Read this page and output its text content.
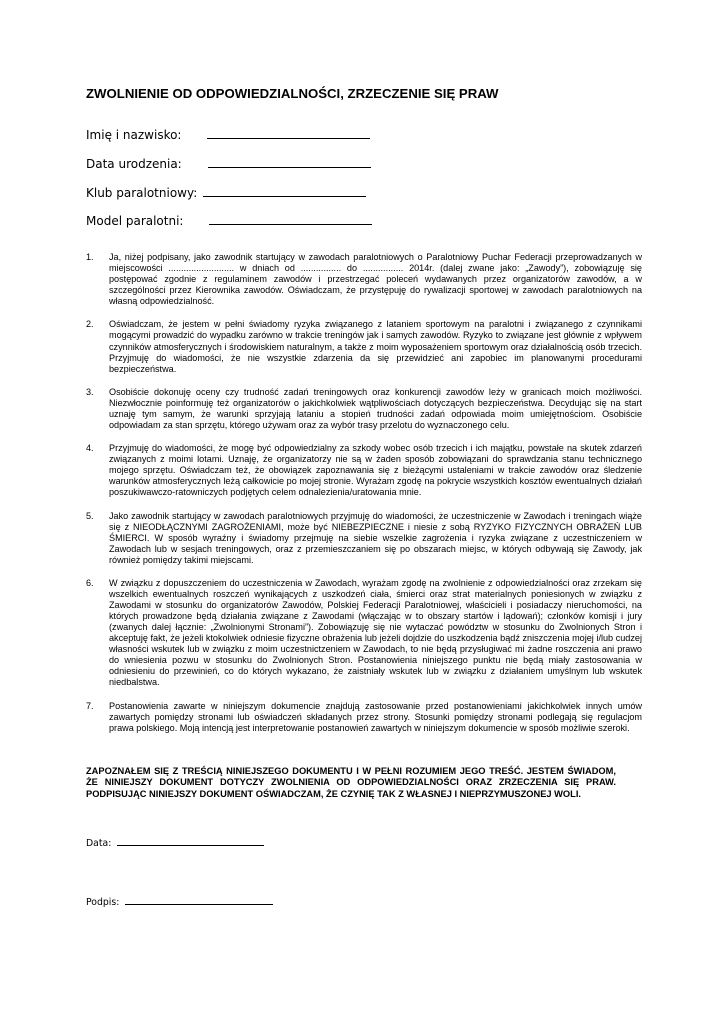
ZWOLNIENIE OD ODPOWIEDZIALNOŚCI, ZRZECZENIE SIĘ PRAW
Imię i nazwisko:
Data urodzenia:
Klub paralotniowy:
Model paralotni:
1.	Ja, niżej podpisany, jako zawodnik startujący w zawodach paralotniowych o Paralotniowy Puchar Federacji przeprowadzanych w miejscowości .......................... w dniach od ................ do ................ 2014r. (dalej zwane jako: „Zawody”), zobowiązuję się postępować zgodnie z regulaminem zawodów i przestrzegać poleceń wydawanych przez organizatorów zawodów, a w szczególności przez Kierownika zawodów. Oświadczam, że przystępuję do rywalizacji sportowej w zawodach paralotniowych na własną odpowiedzialność.
2.	Oświadczam, że jestem w pełni świadomy ryzyka związanego z lataniem sportowym na paralotni i związanego z czynnikami mogącymi prowadzić do wypadku zarówno w trakcie treningów jak i samych zawodów. Ryzyko to związane jest głównie z wpływem czynników atmosferycznych i środowiskiem naturalnym, a także z moim wyposażeniem sportowym oraz działalnością osób trzecich. Przyjmuję do wiadomości, że nie wszystkie zdarzenia da się przewidzieć ani zapobiec im planowanymi procedurami bezpieczeństwa.
3.	Osobiście dokonuję oceny czy trudność zadań treningowych oraz konkurencji zawodów leży w granicach moich możliwości. Niezwłocznie poinformuję też organizatorów o jakichkolwiek wątpliwościach dotyczących bezpieczeństwa. Decydując się na start uznaję tym samym, że warunki sprzyjają lataniu a stopień trudności zadań odpowiada moim umiejętnościom. Osobiście odpowiadam za stan sprzętu, którego używam oraz za wybór trasy przelotu do wyznaczonego celu.
4.	Przyjmuję do wiadomości, że mogę być odpowiedzialny za szkody wobec osób trzecich i ich majątku, powstałe na skutek zdarzeń związanych z moimi lotami. Uznaję, że organizatorzy nie są w żaden sposób zobowiązani do sprawdzania stanu technicznego mojego sprzętu. Oświadczam też, że obowiązek zapoznawania się z bieżącymi ustaleniami w trakcie zawodów oraz śledzenie warunków atmosferycznych leżą całkowicie po mojej stronie. Wyrażam zgodę na pokrycie wszystkich kosztów ewentualnych działań poszukiwawczo-ratowniczych podjętych celem odnalezienia/uratowania mnie.
5.	Jako zawodnik startujący w zawodach paralotniowych przyjmuję do wiadomości, że uczestniczenie w Zawodach i treningach wiąże się z NIEODŁĄCZNYMI ZAGROŻENIAMI, może być NIEBEZPIECZNE i niesie z sobą RYZYKO FIZYCZNYCH OBRAŻEŃ LUB ŚMIERCI. W sposób wyraźny i świadomy przejmuję na siebie wszelkie zagrożenia i ryzyka związane z uczestniczeniem w Zawodach lub w sesjach treningowych, oraz z przemieszczaniem się po obszarach miejsc, w których odbywają się Zawody, jak również pomiędzy takimi miejscami.
6.	W związku z dopuszczeniem do uczestniczenia w Zawodach, wyrażam zgodę na zwolnienie z odpowiedzialności oraz zrzekam się wszelkich ewentualnych roszczeń wynikających z uszkodzeń ciała, śmierci oraz strat materialnych poniesionych w związku z Zawodami w stosunku do organizatorów Zawodów, Polskiej Federacji Paralotniowej, właścicieli i posiadaczy nieruchomości, na których prowadzone będą działania związane z Zawodami (włączając w to obszary startów i lądowań); członków komisji i jury (zwanych dalej łącznie: „Zwolnionymi Stronami”). Zobowiązuję się nie wytaczać powództw w stosunku do Zwolnionych Stron i akceptuję fakt, że jeżeli ktokolwiek odniesie fizyczne obrażenia lub jeżeli dojdzie do uszkodzenia bądź zniszczenia mojej i/lub cudzej własności wskutek lub w związku z moim uczestnictzeniem w Zawodach, to nie będą przysługiwać mi żadne roszczenia ani prawo do wniesienia pozwu w stosunku do Zwolnionych Stron. Postanowienia niniejszego punktu nie będą miały zastosowania w odniesieniu do przewinień, co do których wykazano, że zaistniały wskutek lub w związku z działaniem umyślnym lub wskutek niedbalstwa.
7.	Postanowienia zawarte w niniejszym dokumencie znajdują zastosowanie przed postanowieniami jakichkolwiek innych umów zawartych pomiędzy stronami lub oświadczeń składanych przez strony. Stosunki pomiędzy stronami podlegają się regulacjom prawa polskiego. Moją intencją jest interpretowanie postanowień zawartych w niniejszym dokumencie w sposób możliwie szeroki.
ZAPOZNAŁEM SIĘ Z TREŚCIĄ NINIEJSZEGO DOKUMENTU I W PEŁNI ROZUMIEM JEGO TREŚĆ. JESTEM ŚWIADOM, ŻE NINIEJSZY DOKUMENT DOTYCZY ZWOLNIENIA OD ODPOWIEDZIALNOŚCI ORAZ ZRZECZENIA SIĘ PRAW. PODPISUJĄC NINIEJSZY DOKUMENT OŚWIADCZAM, ŻE CZYNIĘ TAK Z WŁASNEJ I NIEPRZYMUSZONEJ WOLI.
Data:
Podpis:
